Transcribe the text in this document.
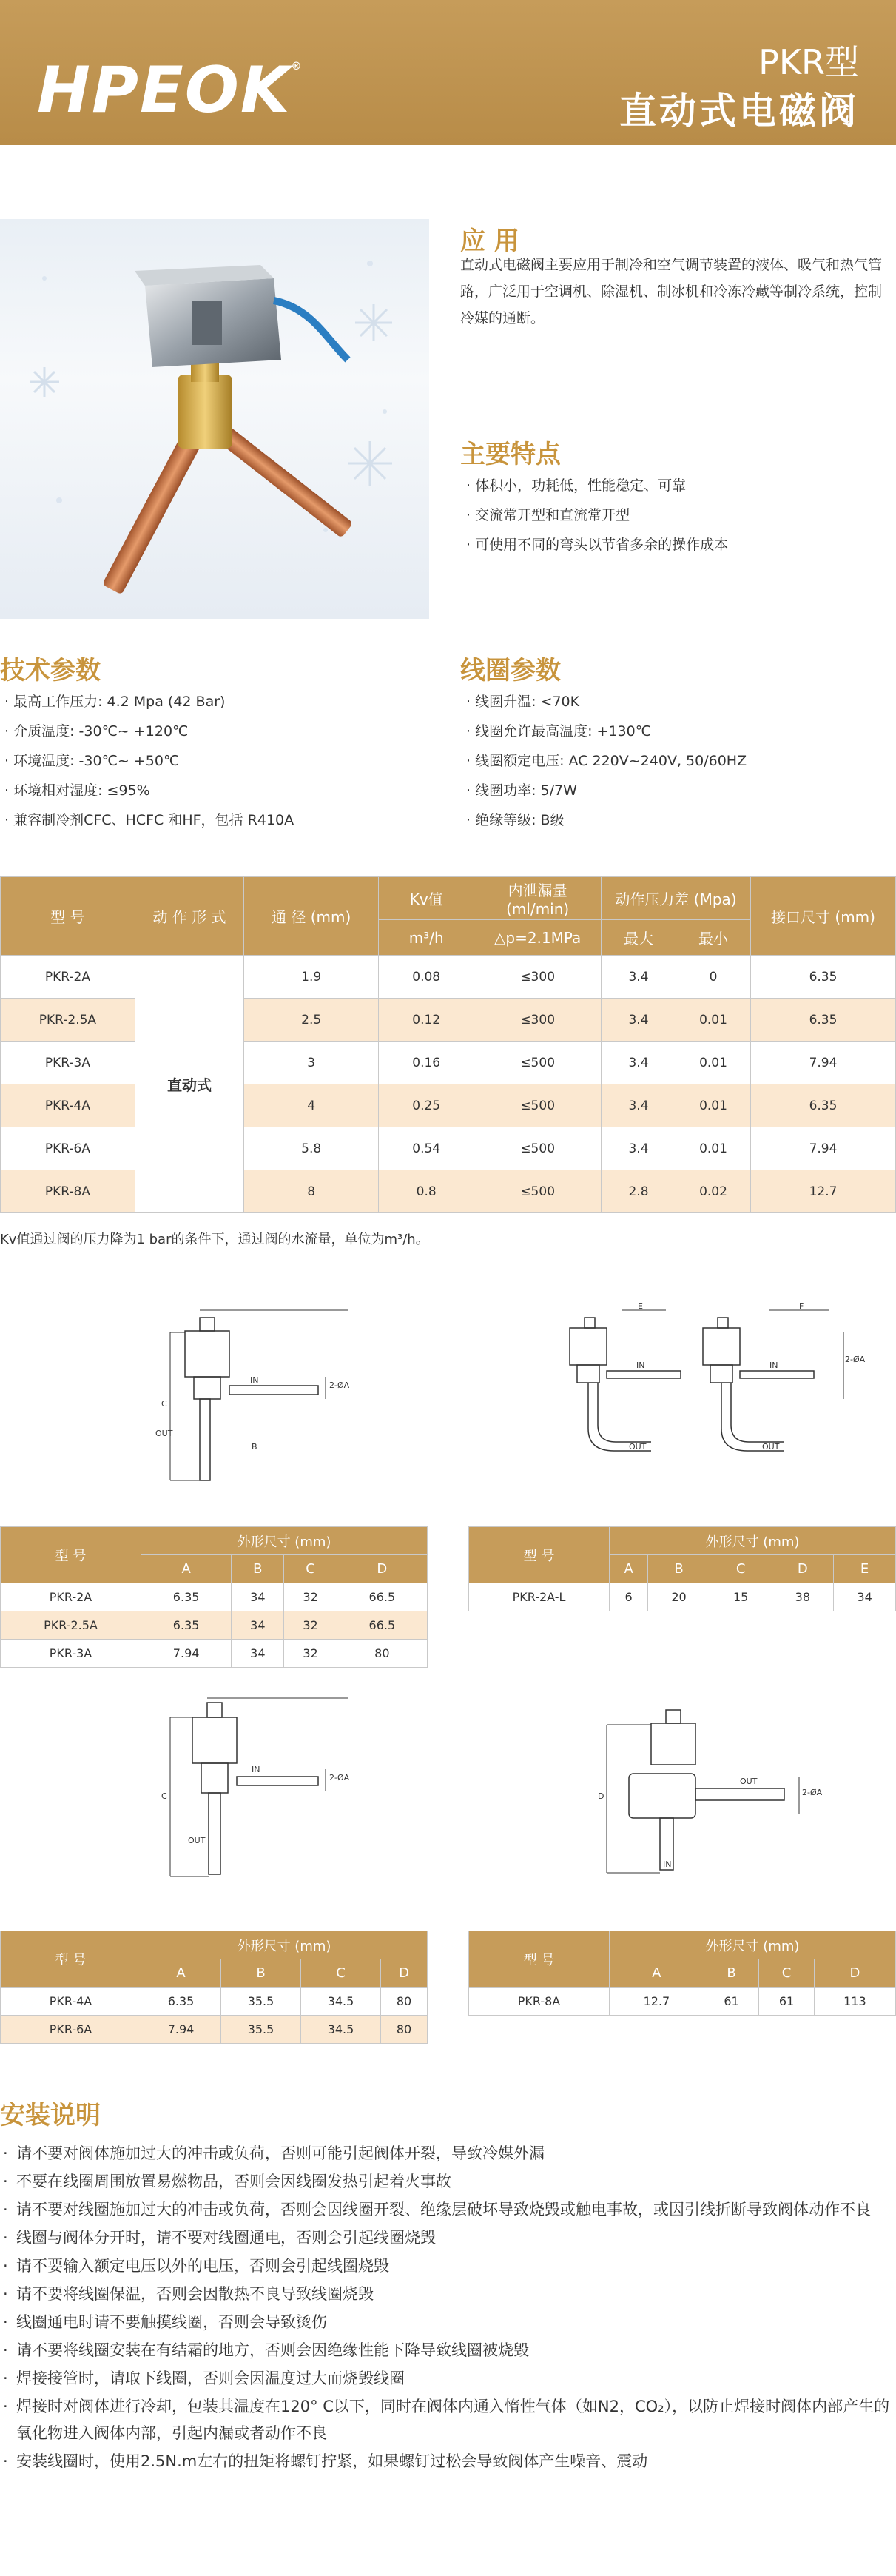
HPEOK®	PKR型
直动式电磁阀
应 用
直动式电磁阀主要应用于制冷和空气调节装置的液体、吸气和热气管路，广泛用于空调机、除湿机、制冰机和冷冻冷藏等制冷系统，控制冷媒的通断。
主要特点
· 体积小，功耗低，性能稳定、可靠
· 交流常开型和直流常开型
· 可使用不同的弯头以节省多余的操作成本
技术参数
· 最高工作压力: 4.2 Mpa (42 Bar)
· 介质温度: -30℃~ +120℃
· 环境温度: -30℃~ +50℃
· 环境相对湿度: ≤95%
· 兼容制冷剂CFC、HCFC 和HF，包括 R410A
线圈参数
· 线圈升温: <70K
· 线圈允许最高温度: +130℃
· 线圈额定电压: AC 220V~240V, 50/60HZ
· 线圈功率: 5/7W
· 绝缘等级: B级
型 号	动 作 形 式	通 径 (mm)	Kv值	内泄漏量 (ml/min)	动作压力差 (Mpa)		接口尺寸 (mm)
			m³/h	△p=2.1MPa	最大	最小	
PKR-2A	直动式	1.9	0.08	≤300	3.4	0	6.35
PKR-2.5A		2.5	0.12	≤300	3.4	0.01	6.35
PKR-3A		3	0.16	≤500	3.4	0.01	7.94
PKR-4A		4	0.25	≤500	3.4	0.01	6.35
PKR-6A		5.8	0.54	≤500	3.4	0.01	7.94
PKR-8A		8	0.8	≤500	2.8	0.02	12.7
Kv值通过阀的压力降为1 bar的条件下，通过阀的水流量，单位为m³/h。
IN
OUT
2-ØA
B
C
IN	IN
OUT	OUT
E	F
2-ØA
型 号	外形尺寸 (mm)			
	A	B	C	D
PKR-2A	6.35	34	32	66.5
PKR-2.5A	6.35	34	32	66.5
PKR-3A	7.94	34	32	80
型 号	外形尺寸 (mm)				
	A	B	C	D	E
PKR-2A-L	6	20	15	38	34
IN
OUT
2-ØA
C
OUT
IN
2-ØA
D
型 号	外形尺寸 (mm)			
	A	B	C	D
PKR-4A	6.35	35.5	34.5	80
PKR-6A	7.94	35.5	34.5	80
型 号	外形尺寸 (mm)			
	A	B	C	D
PKR-8A	12.7	61	61	113
安装说明
· 请不要对阀体施加过大的冲击或负荷，否则可能引起阀体开裂，导致冷媒外漏
· 不要在线圈周围放置易燃物品，否则会因线圈发热引起着火事故
· 请不要对线圈施加过大的冲击或负荷，否则会因线圈开裂、绝缘层破坏导致烧毁或触电事故，或因引线折断导致阀体动作不良
· 线圈与阀体分开时，请不要对线圈通电，否则会引起线圈烧毁
· 请不要输入额定电压以外的电压，否则会引起线圈烧毁
· 请不要将线圈保温，否则会因散热不良导致线圈烧毁
· 线圈通电时请不要触摸线圈，否则会导致烫伤
· 请不要将线圈安装在有结霜的地方，否则会因绝缘性能下降导致线圈被烧毁
· 焊接接管时，请取下线圈，否则会因温度过大而烧毁线圈
· 焊接时对阀体进行冷却，包装其温度在120° C以下，同时在阀体内通入惰性气体（如N2，CO₂），以防止焊接时阀体内部产生的氧化物进入阀体内部，引起内漏或者动作不良
· 安装线圈时，使用2.5N.m左右的扭矩将螺钉拧紧，如果螺钉过松会导致阀体产生噪音、震动
